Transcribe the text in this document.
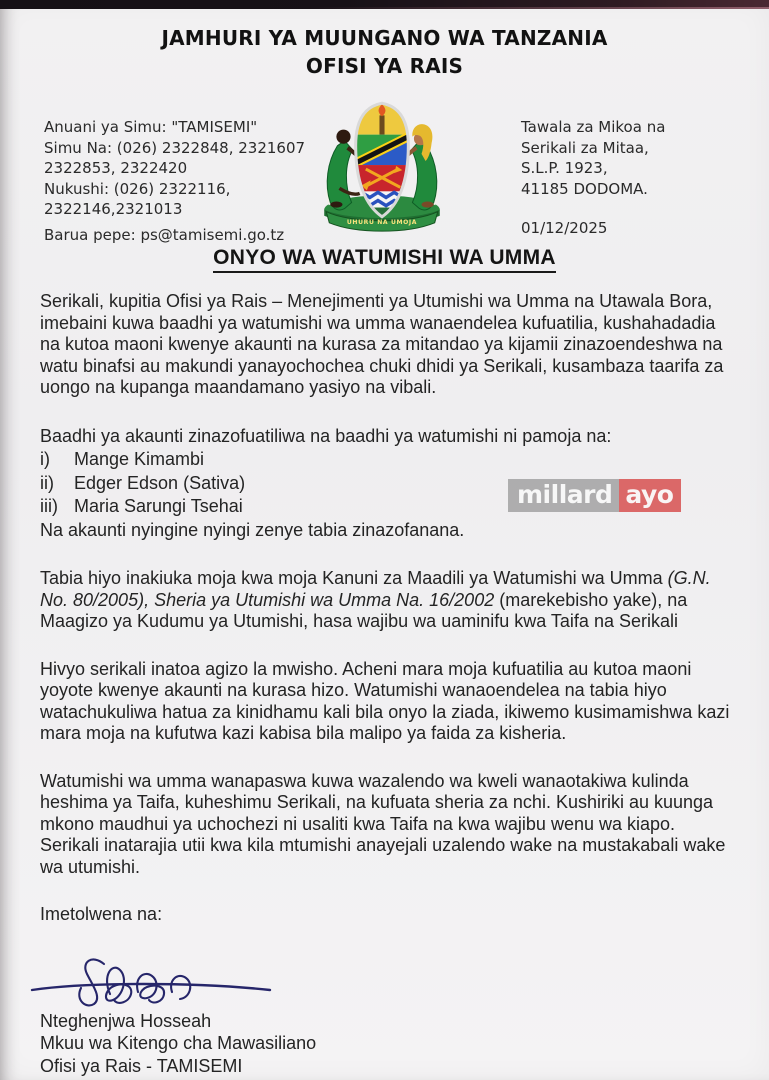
JAMHURI YA MUUNGANO WA TANZANIA
OFISI YA RAIS
Anuani ya Simu: "TAMISEMI"
Simu Na: (026) 2322848, 2321607
2322853, 2322420
Nukushi: (026) 2322116,
2322146,2321013
Barua pepe: ps@tamisemi.go.tz
UHURU NA UMOJA
Tawala za Mikoa na
Serikali za Mitaa,
S.L.P. 1923,
41185 DODOMA.
01/12/2025
ONYO WA WATUMISHI WA UMMA

Serikali, kupitia Ofisi ya Rais – Menejimenti ya Utumishi wa Umma na Utawala Bora, imebaini kuwa baadhi ya watumishi wa umma wanaendelea kufuatilia, kushahadadia na kutoa maoni kwenye akaunti na kurasa za mitandao ya kijamii zinazoendeshwa na watu binafsi au makundi yanayochochea chuki dhidi ya Serikali, kusambaza taarifa za uongo na kupanga maandamano yasiyo na vibali.

Baadhi ya akaunti zinazofuatiliwa na baadhi ya watumishi ni pamoja na:
i)	Mange Kimambi
ii)	Edger Edson (Sativa)
iii) Maria Sarungi Tsehai
Na akaunti nyingine nyingi zenye tabia zinazofanana.

Tabia hiyo inakiuka moja kwa moja Kanuni za Maadili ya Watumishi wa Umma (G.N. No. 80/2005), Sheria ya Utumishi wa Umma Na. 16/2002 (marekebisho yake), na Maagizo ya Kudumu ya Utumishi, hasa wajibu wa uaminifu kwa Taifa na Serikali

Hivyo serikali inatoa agizo la mwisho. Acheni mara moja kufuatilia au kutoa maoni yoyote kwenye akaunti na kurasa hizo. Watumishi wanaoendelea na tabia hiyo watachukuliwa hatua za kinidhamu kali bila onyo la ziada, ikiwemo kusimamishwa kazi mara moja na kufutwa kazi kabisa bila malipo ya faida za kisheria.

Watumishi wa umma wanapaswa kuwa wazalendo wa kweli wanaotakiwa kulinda heshima ya Taifa, kuheshimu Serikali, na kufuata sheria za nchi. Kushiriki au kuunga mkono maudhui ya uchochezi ni usaliti kwa Taifa na kwa wajibu wenu wa kiapo. Serikali inatarajia utii kwa kila mtumishi anayejali uzalendo wake na mustakabali wake wa utumishi.

Imetolwena na:

Nteghenjwa Hosseah
Mkuu wa Kitengo cha Mawasiliano
Ofisi ya Rais - TAMISEMI
millard ayo
